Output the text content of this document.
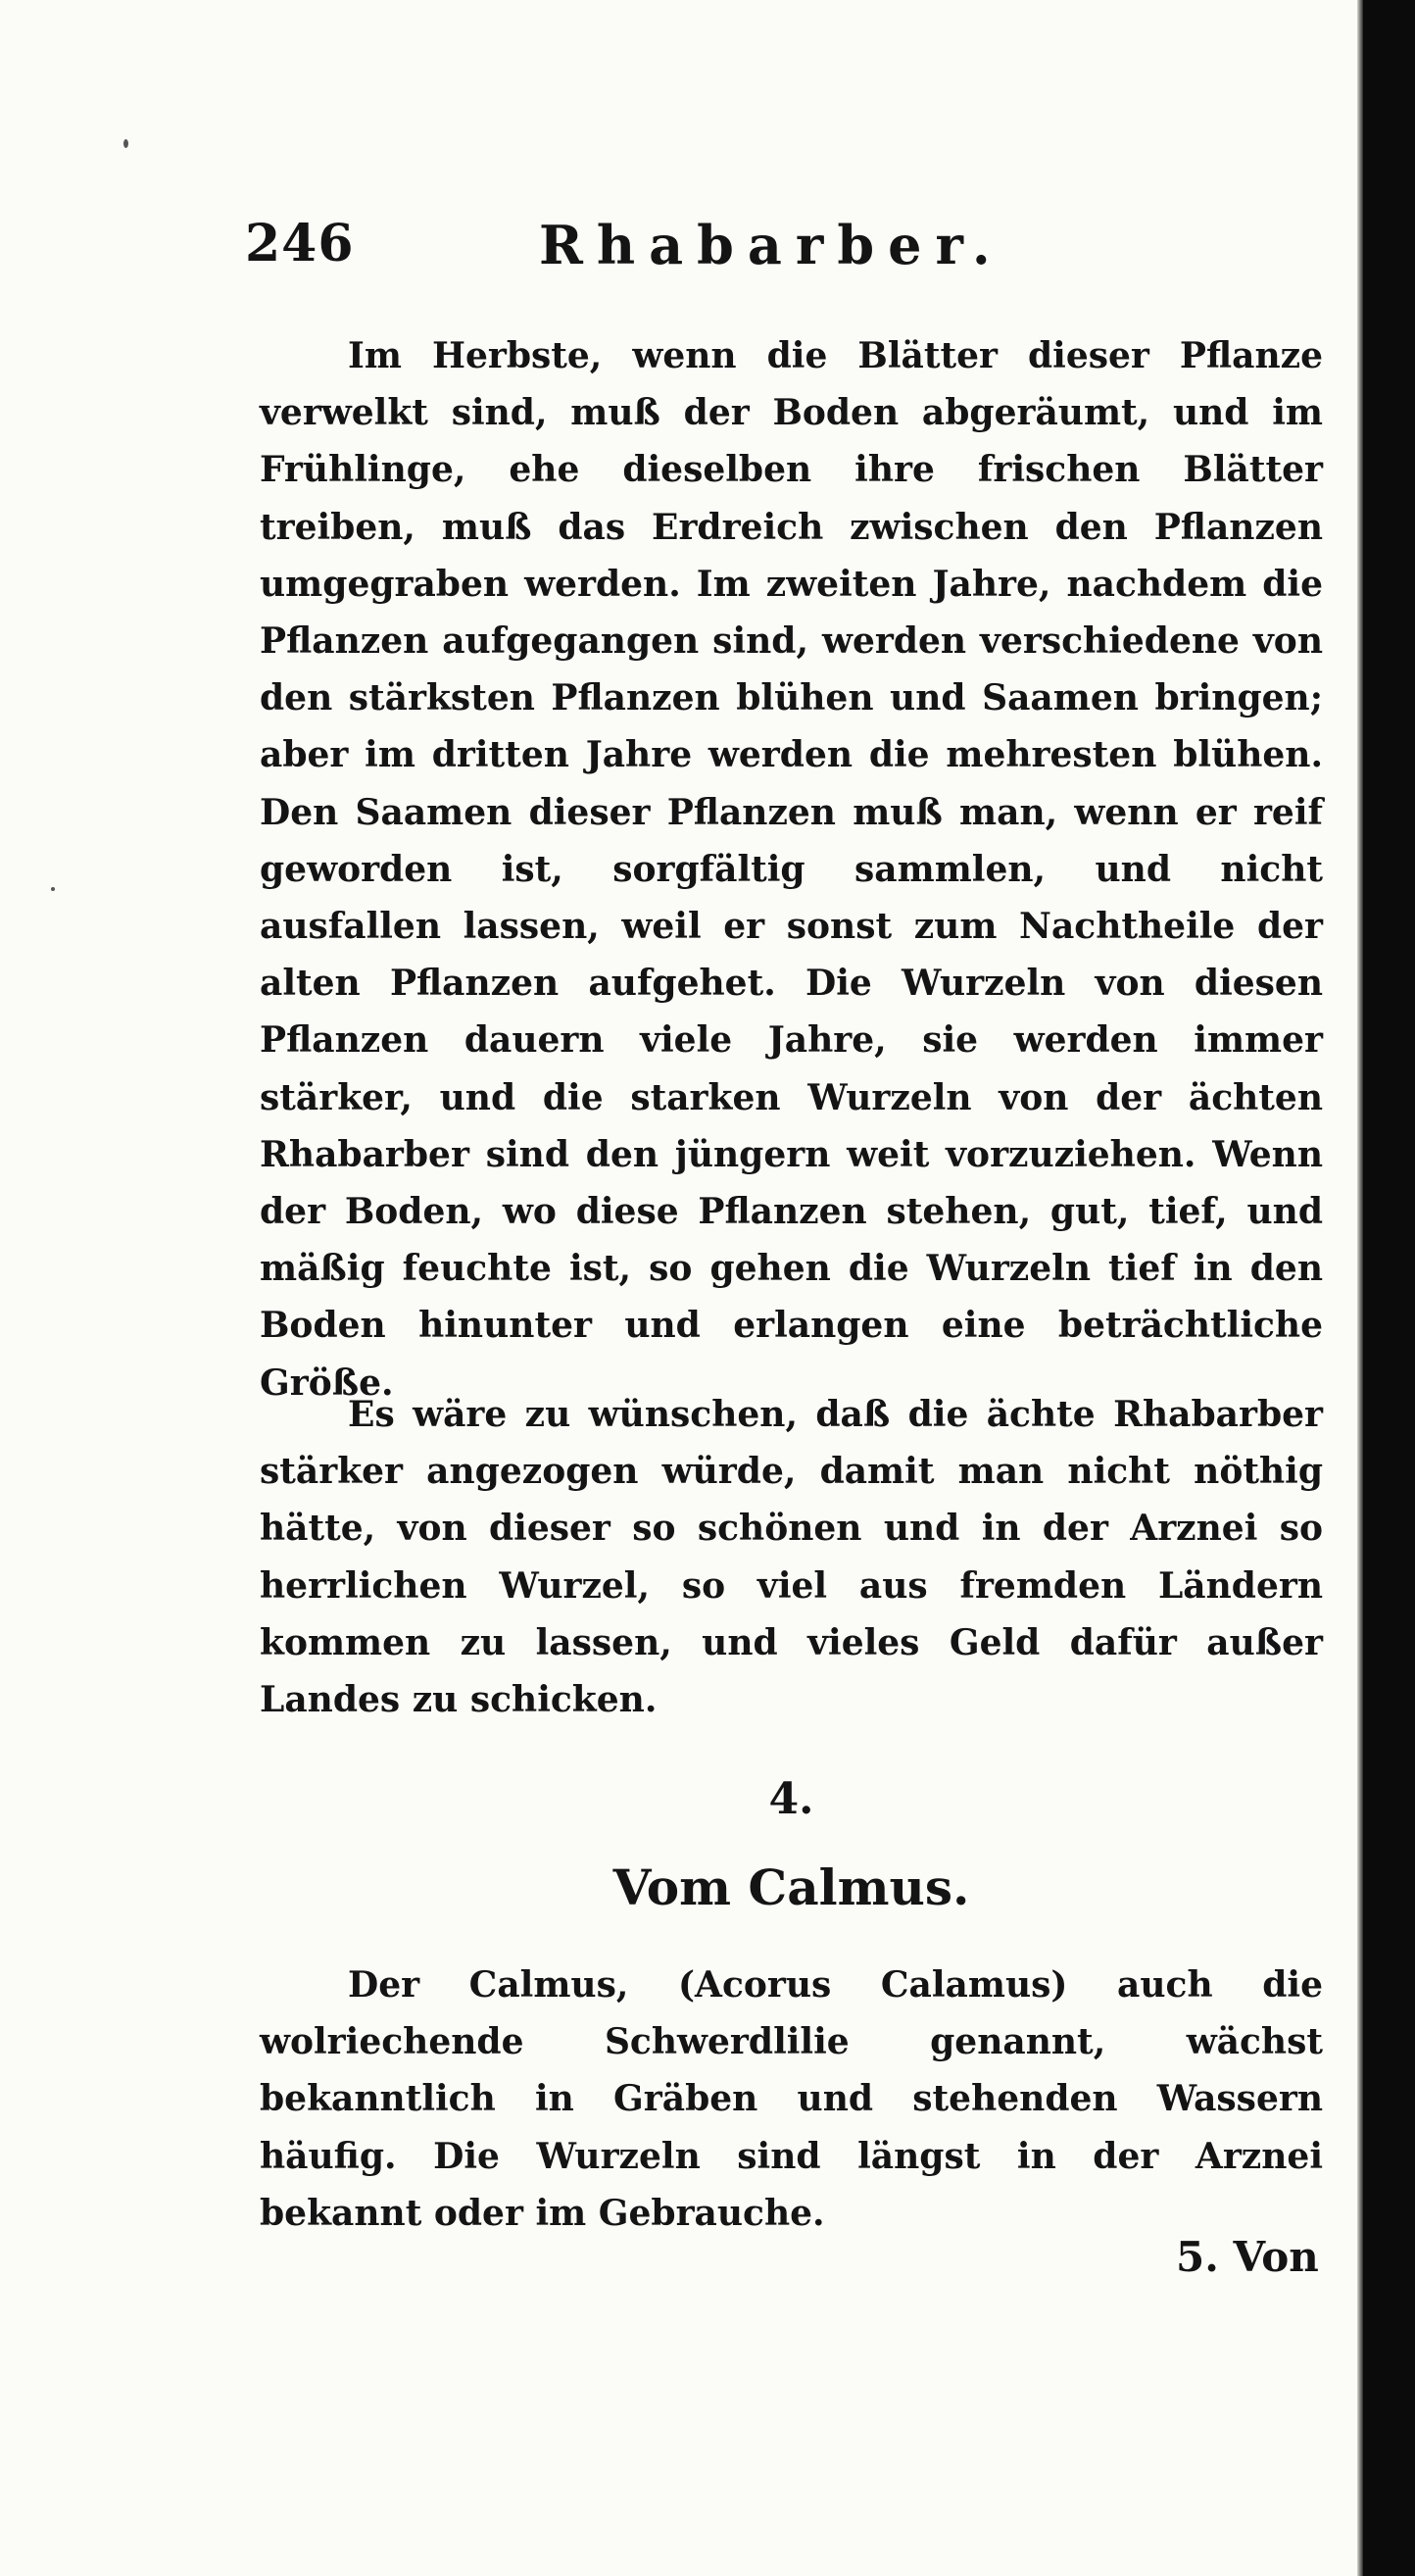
246	Rhabarber.

Im Herbste, wenn die Blätter dieser Pflanze verwelkt sind, muß der Boden abgeräumt, und im Frühlinge, ehe dieselben ihre frischen Blätter treiben, muß das Erdreich zwischen den Pflanzen umgegraben werden. Im zweiten Jahre, nachdem die Pflanzen aufgegangen sind, werden verschiedene von den stärksten Pflanzen blühen und Saamen bringen; aber im dritten Jahre werden die mehresten blühen. Den Saamen dieser Pflanzen muß man, wenn er reif geworden ist, sorgfältig sammlen, und nicht ausfallen lassen, weil er sonst zum Nachtheile der alten Pflanzen aufgehet. Die Wurzeln von diesen Pflanzen dauern viele Jahre, sie werden immer stärker, und die starken Wurzeln von der ächten Rhabarber sind den jüngern weit vorzuziehen. Wenn der Boden, wo diese Pflanzen stehen, gut, tief, und mäßig feuchte ist, so gehen die Wurzeln tief in den Boden hinunter und erlangen eine beträchtliche Größe.

Es wäre zu wünschen, daß die ächte Rhabarber stärker angezogen würde, damit man nicht nöthig hätte, von dieser so schönen und in der Arznei so herrlichen Wurzel, so viel aus fremden Ländern kommen zu lassen, und vieles Geld dafür außer Landes zu schicken.

4.

Vom Calmus.

Der Calmus, (Acorus Calamus) auch die wolriechende Schwerdlilie genannt, wächst bekanntlich in Gräben und stehenden Wassern häufig. Die Wurzeln sind längst in der Arznei bekannt oder im Gebrauche.

5. Von
